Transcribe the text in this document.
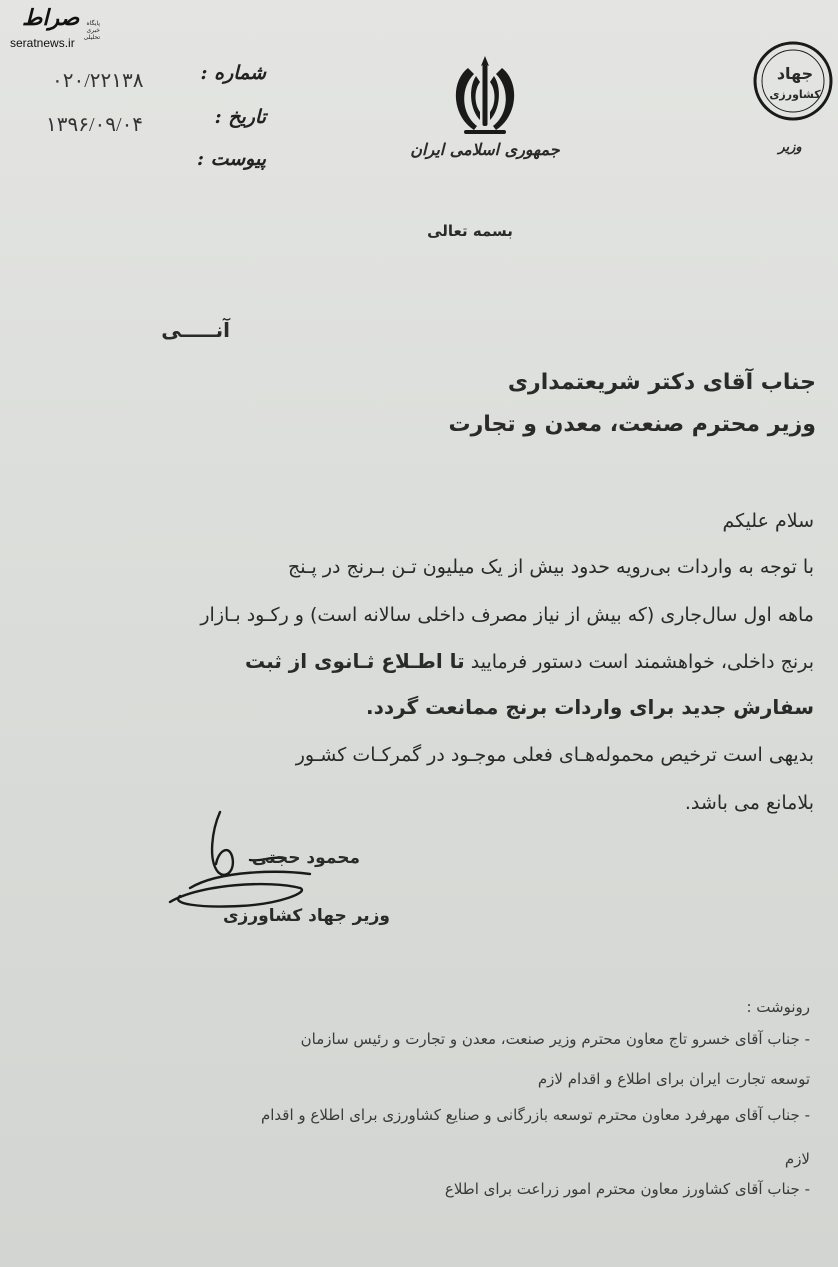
صراط	پایگاه خبری تحلیلی
seratnews.ir
۰۲۰/۲۲۱۳۸
۱۳۹۶/۰۹/۰۴
شماره :
تاریخ :
پیوست :	جمهوری اسلامی ایران
جهاد
کشاورزی
وزیر
بسمه تعالی
آنـــــی
جناب آقای دکتر شریعتمداری
وزیر محترم صنعت، معدن و تجارت
سلام علیکم
با توجه به واردات بی‌رویه حدود بیش از یک میلیون تـن بـرنج در پـنج
ماهه اول سال‌جاری (که بیش از نیاز مصرف داخلی سالانه است) و رکـود بـازار
برنج داخلی، خواهشمند است دستور فرمایید تا اطـلاع ثـانوی از ثبت
سفارش جدید برای واردات برنج ممانعت گردد.
بدیهی است ترخیص محموله‌هـای فعلی موجـود در گمرکـات کشـور
بلامانع می باشد.
محمود حجتی
وزیر جهاد کشاورزی
رونوشت :
- جناب آقای خسرو تاج معاون محترم وزیر صنعت، معدن و تجارت و رئیس سازمان
توسعه تجارت ایران برای اطلاع و اقدام لازم
- جناب آقای مهرفرد معاون محترم توسعه بازرگانی و صنایع کشاورزی برای اطلاع و اقدام
لازم
- جناب آقای کشاورز معاون محترم امور زراعت برای اطلاع
